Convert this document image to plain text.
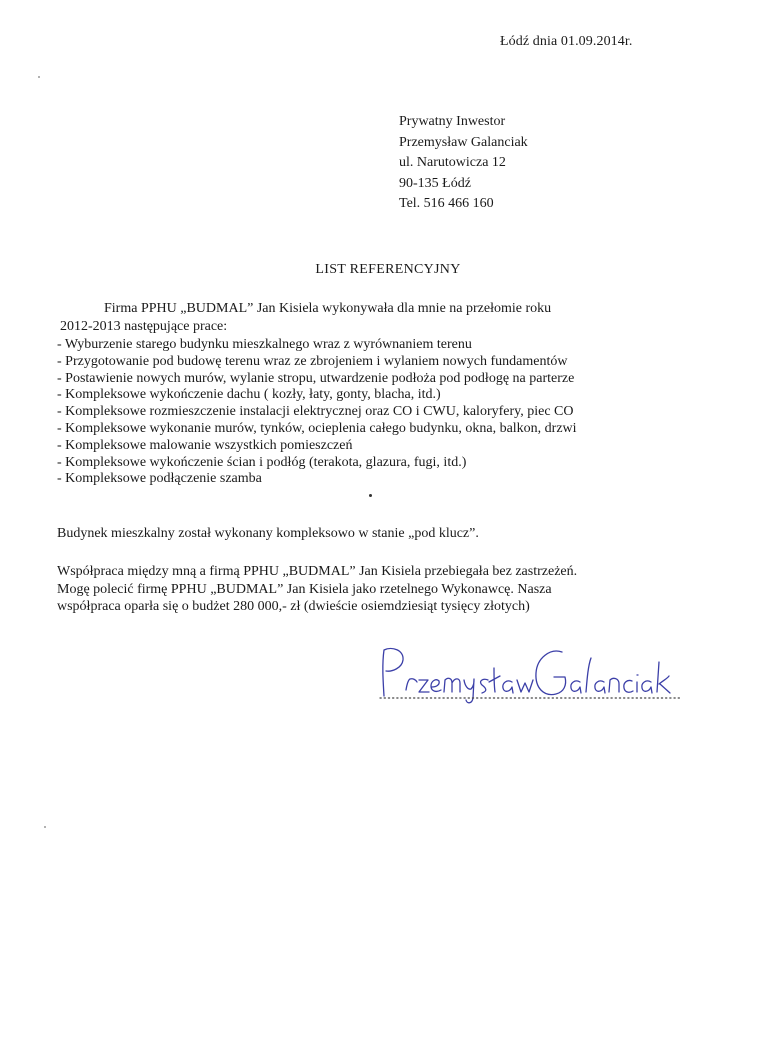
Łódź dnia 01.09.2014r.
Prywatny Inwestor
Przemysław Galanciak
ul. Narutowicza 12
90-135 Łódź
Tel. 516 466 160
LIST REFERENCYJNY
Firma PPHU „BUDMAL” Jan Kisiela wykonywała dla mnie na przełomie roku
2012-2013 następujące prace:
- Wyburzenie starego budynku mieszkalnego wraz z wyrównaniem terenu
- Przygotowanie pod budowę terenu wraz ze zbrojeniem i wylaniem nowych fundamentów
- Postawienie nowych murów, wylanie stropu, utwardzenie podłoża pod podłogę na parterze
- Kompleksowe wykończenie dachu ( kozły, łaty, gonty, blacha, itd.)
- Kompleksowe rozmieszczenie instalacji elektrycznej oraz CO i CWU, kaloryfery, piec CO
- Kompleksowe wykonanie murów, tynków, ocieplenia całego budynku, okna, balkon, drzwi
- Kompleksowe malowanie wszystkich pomieszczeń
- Kompleksowe wykończenie ścian i podłóg (terakota, glazura, fugi, itd.)
- Kompleksowe podłączenie szamba
Budynek mieszkalny został wykonany kompleksowo w stanie „pod klucz”.
Współpraca między mną a firmą PPHU „BUDMAL” Jan Kisiela przebiegała bez zastrzeżeń.
Mogę polecić firmę PPHU „BUDMAL” Jan Kisiela jako rzetelnego Wykonawcę. Nasza
współpraca oparła się o budżet 280 000,- zł (dwieście osiemdziesiąt tysięcy złotych)
